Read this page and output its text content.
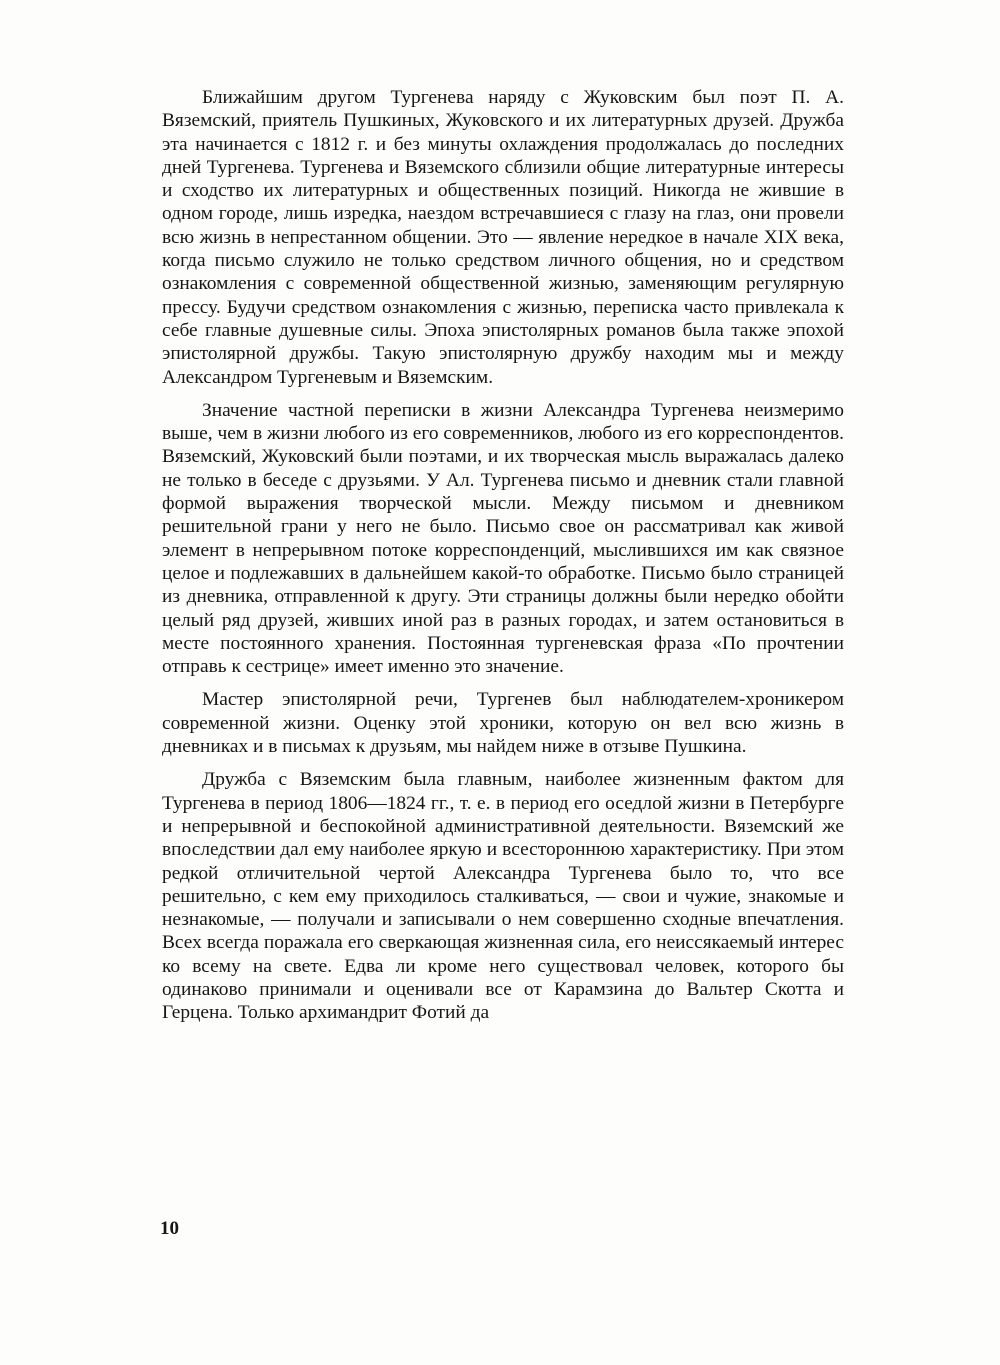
Ближайшим другом Тургенева наряду с Жуковским был поэт П. А. Вяземский, приятель Пушкиных, Жуковского и их литературных друзей. Дружба эта начинается с 1812 г. и без минуты охлаждения продолжалась до последних дней Тургенева. Тургенева и Вяземского сблизили общие литературные интересы и сходство их литературных и общественных позиций. Никогда не жившие в одном городе, лишь изредка, наездом встречавшиеся с глазу на глаз, они провели всю жизнь в непрестанном общении. Это — явление нередкое в начале XIX века, когда письмо служило не только средством личного общения, но и средством ознакомления с современной общественной жизнью, заменяющим регулярную прессу. Будучи средством ознакомления с жизнью, переписка часто привлекала к себе главные душевные силы. Эпоха эпистолярных романов была также эпохой эпистолярной дружбы. Такую эпистолярную дружбу находим мы и между Александром Тургеневым и Вяземским.

Значение частной переписки в жизни Александра Тургенева неизмеримо выше, чем в жизни любого из его современников, любого из его корреспондентов. Вяземский, Жуковский были поэтами, и их творческая мысль выражалась далеко не только в беседе с друзьями. У Ал. Тургенева письмо и дневник стали главной формой выражения творческой мысли. Между письмом и дневником решительной грани у него не было. Письмо свое он рассматривал как живой элемент в непрерывном потоке корреспонденций, мыслившихся им как связное целое и подлежавших в дальнейшем какой-то обработке. Письмо было страницей из дневника, отправленной к другу. Эти страницы должны были нередко обойти целый ряд друзей, живших иной раз в разных городах, и затем остановиться в месте постоянного хранения. Постоянная тургеневская фраза «По прочтении отправь к сестрице» имеет именно это значение.

Мастер эпистолярной речи, Тургенев был наблюдателем-хроникером современной жизни. Оценку этой хроники, которую он вел всю жизнь в дневниках и в письмах к друзьям, мы найдем ниже в отзыве Пушкина.

Дружба с Вяземским была главным, наиболее жизненным фактом для Тургенева в период 1806—1824 гг., т. е. в период его оседлой жизни в Петербурге и непрерывной и беспокойной административной деятельности. Вяземский же впоследствии дал ему наиболее яркую и всестороннюю характеристику. При этом редкой отличительной чертой Александра Тургенева было то, что все решительно, с кем ему приходилось сталкиваться, — свои и чужие, знакомые и незнакомые, — получали и записывали о нем совершенно сходные впечатления. Всех всегда поражала его сверкающая жизненная сила, его неиссякаемый интерес ко всему на свете. Едва ли кроме него существовал человек, которого бы одинаково принимали и оценивали все от Карамзина до Вальтер Скотта и Герцена. Только архимандрит Фотий да

10
